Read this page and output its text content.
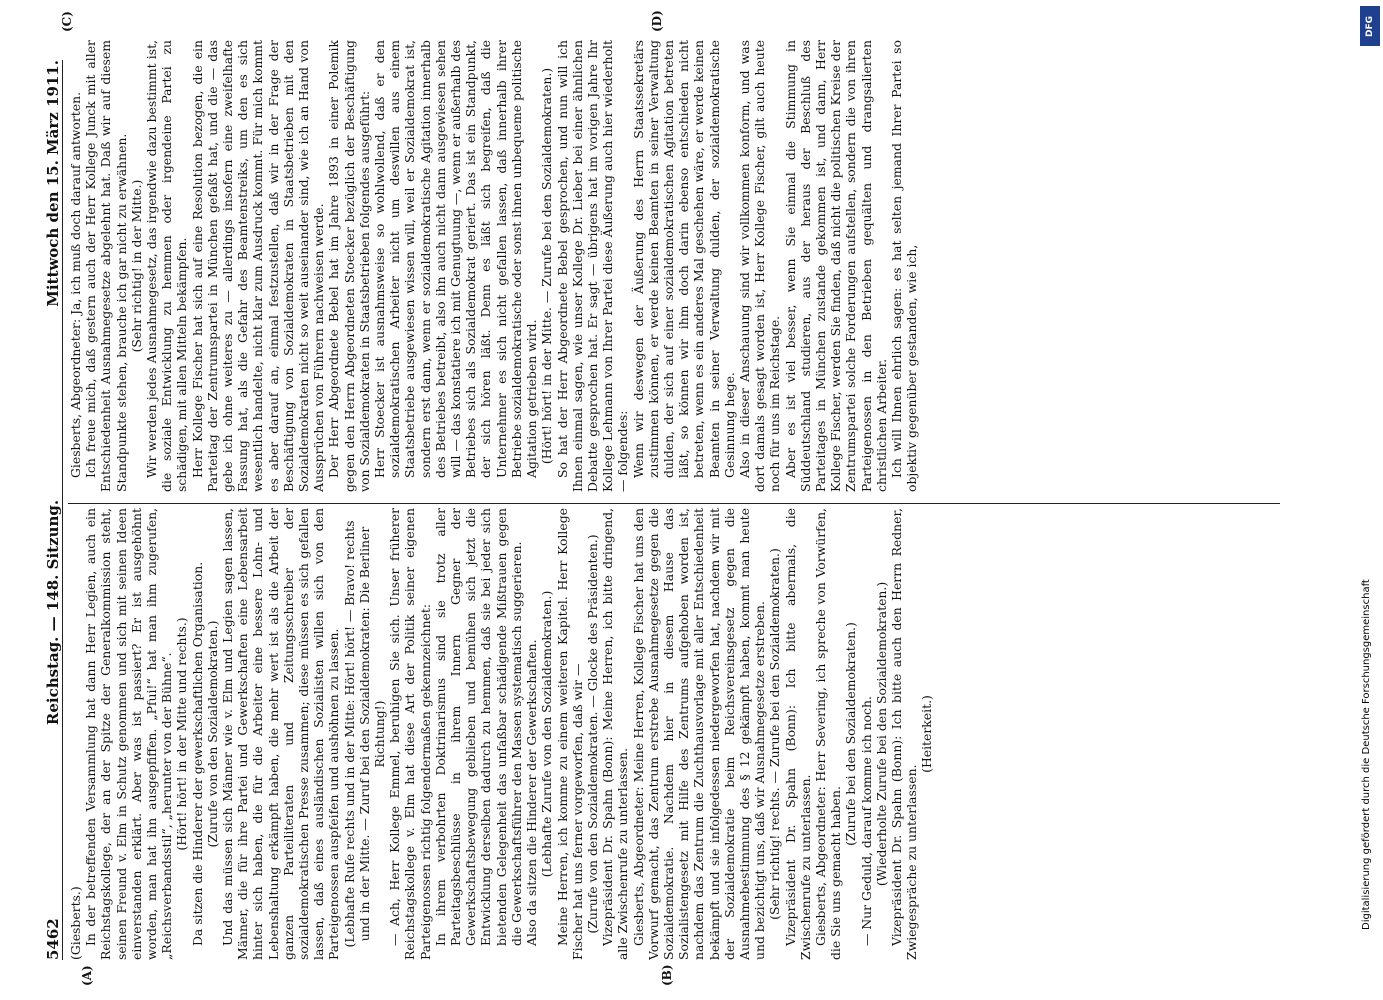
5462
Reichstag. — 148. Sitzung.
Mittwoch den 15. März 1911.
(A)	(B)
(C)	(D)

(Giesberts.) In der betreffenden Versammlung hat dann Herr Legien, auch ein Reichstagskollege, der an der Spitze der Generalkommission steht, seinen Freund v. Elm in Schutz genommen und sich mit seinen Ideen einverstanden erklärt. Aber was ist passiert? Er ist ausgehöhnt worden, man hat ihn ausgepfiffen. „Pfui!“ hat man ihm zugerufen, „Reichsverbandsstil“, „herunter von der Bühne“. (Hört! hört! in der Mitte und rechts.) Da sitzen die Hinderer der gewerkschaftlichen Organisation. (Zurufe von den Sozialdemokraten.) Und das müssen sich Männer wie v. Elm und Legien sagen lassen, Männer, die für ihre Partei und Gewerkschaften eine Lebensarbeit hinter sich haben, die für die Arbeiter eine bessere Lohn- und Lebenshaltung erkämpft haben, die mehr wert ist als die Arbeit der ganzen Parteiliteraten und Zeitungsschreiber der sozialdemokratischen Presse zusammen; diese müssen es sich gefallen lassen, daß eines ausländischen Sozialisten willen sich von den Parteigenossen auspfeifen und aushöhnen zu lassen. (Lebhafte Rufe rechts und in der Mitte: Hört! hört! — Bravo! rechts und in der Mitte. — Zuruf bei den Sozialdemokraten: Die Berliner Richtung!) — Ach, Herr Kollege Emmel, beruhigen Sie sich. Unser früherer Reichstagskollege v. Elm hat diese Art der Politik seiner eigenen Parteigenossen richtig folgendermaßen gekennzeichnet: In ihrem verbohrten Doktrinarismus sind sie trotz aller Parteitagsbeschlüsse in ihrem Innern Gegner der Gewerkschaftsbewegung geblieben und bemühen sich jetzt die Entwicklung derselben dadurch zu hemmen, daß sie bei jeder sich bietenden Gelegenheit das unfaßbar schädigende Mißtrauen gegen die Gewerkschaftsführer den Massen systematisch suggerieren. Also da sitzen die Hinderer der Gewerkschaften. (Lebhafte Zurufe von den Sozialdemokraten.) Meine Herren, ich komme zu einem weiteren Kapitel. Herr Kollege Fischer hat uns ferner vorgeworfen, daß wir — (Zurufe von den Sozialdemokraten. — Glocke des Präsidenten.) Vizepräsident Dr. Spahn (Bonn): Meine Herren, ich bitte dringend, alle Zwischenrufe zu unterlassen. Giesberts, Abgeordneter: Meine Herren, Kollege Fischer hat uns den Vorwurf gemacht, das Zentrum erstrebe Ausnahmegesetze gegen die Sozialdemokratie. Nachdem hier in diesem Hause das Sozialistengesetz mit Hilfe des Zentrums aufgehoben worden ist, nachdem das Zentrum die Zuchthausvorlage mit aller Entschiedenheit bekämpft und sie infolgedessen niedergeworfen hat, nachdem wir mit der Sozialdemokratie beim Reichsvereinsgesetz gegen die Ausnahmebestimmung des § 12 gekämpft haben, kommt man heute und bezichtigt uns, daß wir Ausnahmegesetze erstreben. (Sehr richtig! rechts. — Zurufe bei den Sozialdemokraten.) Vizepräsident Dr. Spahn (Bonn): Ich bitte abermals, die Zwischenrufe zu unterlassen. Giesberts, Abgeordneter: Herr Severing, ich spreche von Vorwürfen, die Sie uns gemacht haben.

(Zurufe bei den Sozialdemokraten.) — Nur Geduld, darauf komme ich noch. (Wiederholte Zurufe bei den Sozialdemokraten.) Vizepräsident Dr. Spahn (Bonn): Ich bitte auch den Herrn Redner, Zwiegespräche zu unterlassen.

(Heiterkeit.)

Giesberts, Abgeordneter: Ja, ich muß doch darauf antworten. Ich freue mich, daß gestern auch der Herr Kollege Junck mit aller Entschiedenheit Ausnahmegesetze abgelehnt hat. Daß wir auf diesem Standpunkte stehen, brauche ich gar nicht zu erwähnen. (Sehr richtig! in der Mitte.) Wir werden jedes Ausnahmegesetz, das irgendwie dazu bestimmt ist, die soziale Entwicklung zu hemmen oder irgendeine Partei zu schädigen, mit allen Mitteln bekämpfen. Herr Kollege Fischer hat sich auf eine Resolution bezogen, die ein Parteitag der Zentrumspartei in München gefaßt hat, und die — das gebe ich ohne weiteres zu — allerdings insofern eine zweifelhafte Fassung hat, als die Gefahr des Beamtenstreiks, um den es sich wesentlich handelte, nicht klar zum Ausdruck kommt. Für mich kommt es aber darauf an, einmal festzustellen, daß wir in der Frage der Beschäftigung von Sozialdemokraten in Staatsbetrieben mit den Sozialdemokraten nicht so weit auseinander sind, wie ich an Hand von Aussprüchen von Führern nachweisen werde. Der Herr Abgeordnete Bebel hat im Jahre 1893 in einer Polemik gegen den Herrn Abgeordneten Stoecker bezüglich der Beschäftigung von Sozialdemokraten in Staatsbetrieben folgendes ausgeführt: Herr Stoecker ist ausnahmsweise so wohlwollend, daß er den sozialdemokratischen Arbeiter nicht um deswillen aus einem Staatsbetriebe ausgewiesen wissen will, weil er Sozialdemokrat ist, sondern erst dann, wenn er sozialdemokratische Agitation innerhalb des Betriebes betreibt, also ihn auch nicht dann ausgewiesen sehen will — das konstatiere ich mit Genugtuung —, wenn er außerhalb des Betriebes sich als Sozialdemokrat geriert. Das ist ein Standpunkt, der sich hören läßt. Denn es läßt sich begreifen, daß die Unternehmer es sich nicht gefallen lassen, daß innerhalb ihrer Betriebe sozialdemokratische oder sonst ihnen unbequeme politische Agitation getrieben wird. (Hört! hört! in der Mitte. — Zurufe bei den Sozialdemokraten.) So hat der Herr Abgeordnete Bebel gesprochen, und nun will ich Ihnen einmal sagen, wie unser Kollege Dr. Lieber bei einer ähnlichen Debatte gesprochen hat. Er sagt — übrigens hat im vorigen Jahre Ihr Kollege Lehmann von Ihrer Partei diese Äußerung auch hier wiederholt — folgendes: Wenn wir deswegen der Äußerung des Herrn Staatssekretärs zustimmen können, er werde keinen Beamten in seiner Verwaltung dulden, der sich auf einer sozialdemokratischen Agitation betreten läßt, so können wir ihm doch darin ebenso entschieden nicht betreten, wenn es ein anderes Mal geschehen wäre, er werde keinen Beamten in seiner Verwaltung dulden, der sozialdemokratische Gesinnung hege. Also in dieser Anschauung sind wir vollkommen konform, und was dort damals gesagt worden ist, Herr Kollege Fischer, gilt auch heute noch für uns im Reichstage. Aber es ist viel besser, wenn Sie einmal die Stimmung in Süddeutschland studieren, aus der heraus der Beschluß des Parteitages in München zustande gekommen ist, und dann, Herr Kollege Fischer, werden Sie finden, daß nicht die politischen Kreise der Zentrumspartei solche Forderungen aufstellen, sondern die von ihren Parteigenossen in den Betrieben gequälten und drangsalierten christlichen Arbeiter. Ich will Ihnen ehrlich sagen: es hat selten jemand Ihrer Partei so objektiv gegenüber gestanden, wie ich,

DFG
Digitalisierung gefördert durch die Deutsche Forschungsgemeinschaft
